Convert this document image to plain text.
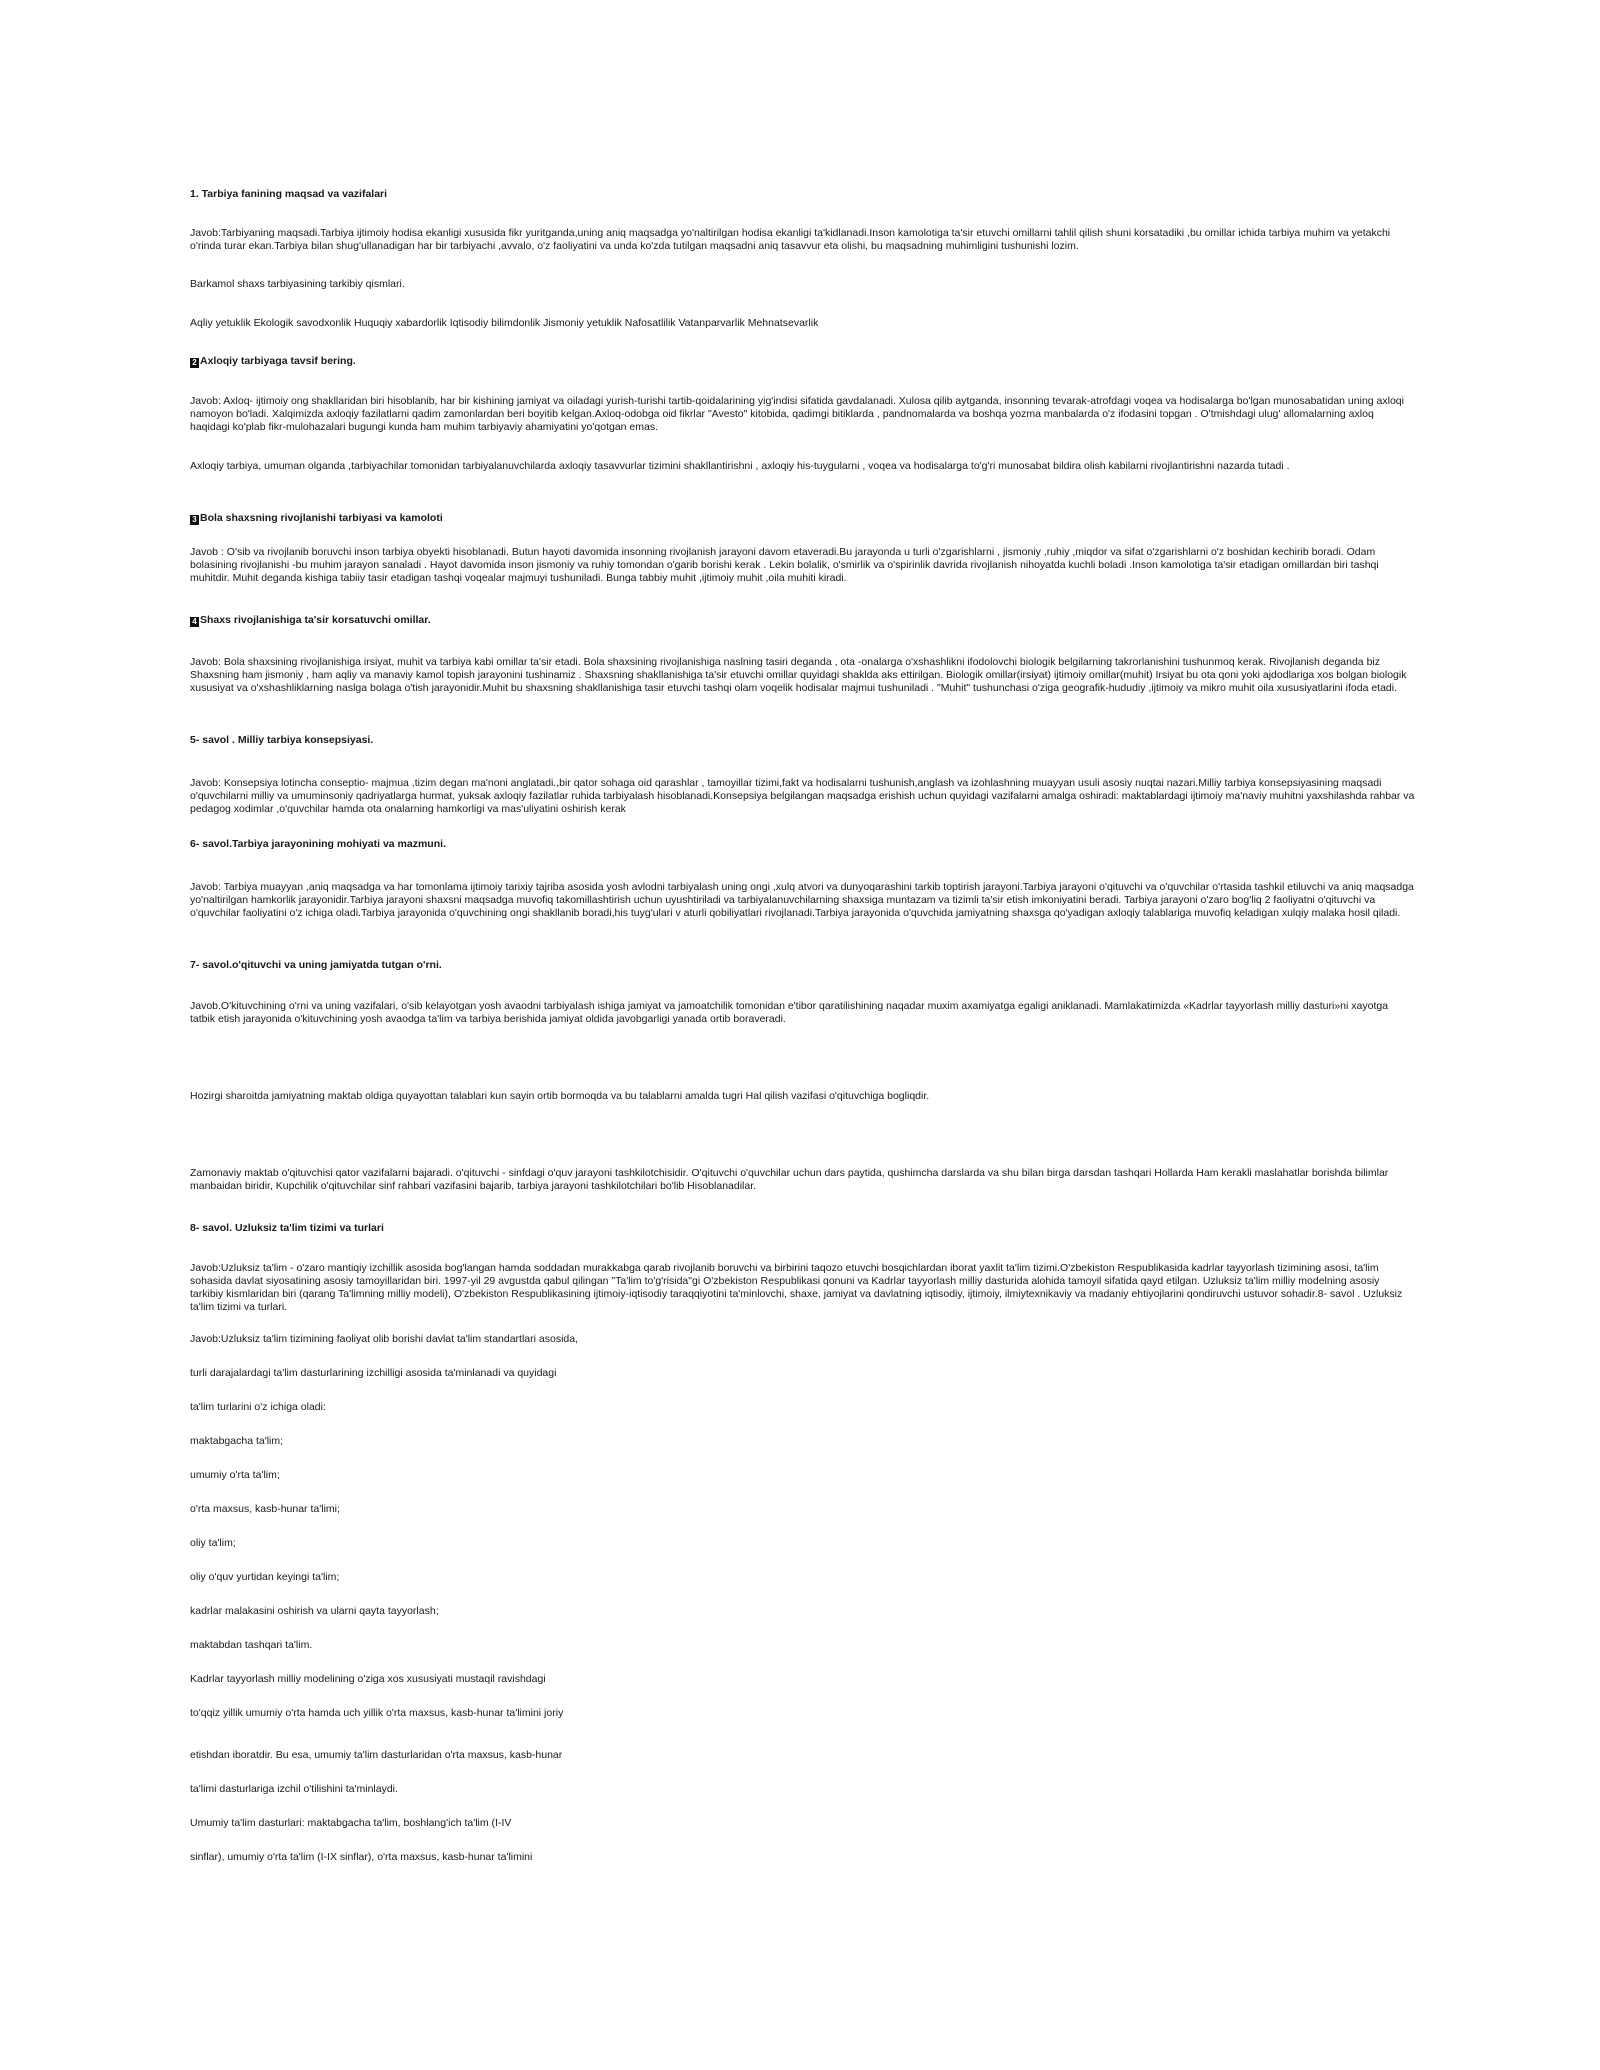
1. Tarbiya fanining maqsad va vazifalari

Javob:Tarbiyaning maqsadi.Tarbiya ijtimoiy hodisa ekanligi xususida fikr yuritganda,uning aniq maqsadga yo'naltirilgan hodisa ekanligi ta'kidlanadi.Inson kamolotiga ta'sir etuvchi omillarni tahlil qilish shuni korsatadiki ,bu omillar ichida tarbiya muhim va yetakchi o'rinda turar ekan.Tarbiya bilan shug'ullanadigan har bir tarbiyachi ,avvalo, o'z faoliyatini va unda ko'zda tutilgan maqsadni aniq tasavvur eta olishi, bu maqsadning muhimligini tushunishi lozim.

Barkamol shaxs tarbiyasining tarkibiy qismlari.

Aqliy yetuklik Ekologik savodxonlik Huquqiy xabardorlik Iqtisodiy bilimdonlik Jismoniy yetuklik Nafosatlilik Vatanparvarlik Mehnatsevarlik

2 Axloqiy tarbiyaga tavsif bering.

Javob: Axloq- ijtimoiy ong shakllaridan biri hisoblanib, har bir kishining jamiyat va oiladagi yurish-turishi tartib-qoidalarining yig'indisi sifatida gavdalanadi. Xulosa qilib aytganda, insonning tevarak-atrofdagi voqea va hodisalarga bo'lgan munosabatidan uning axloqi namoyon bo'ladi. Xalqimizda axloqiy fazilatlarni qadim zamonlardan beri boyitib kelgan.Axloq-odobga oid fikrlar "Avesto" kitobida, qadimgi bitiklarda , pandnomalarda va boshqa yozma manbalarda o'z ifodasini topgan . O'tmishdagi ulug' allomalarning axloq haqidagi ko'plab fikr-mulohazalari bugungi kunda ham muhim tarbiyaviy ahamiyatini yo'qotgan emas.

Axloqiy tarbiya, umuman olganda ,tarbiyachilar tomonidan tarbiyalanuvchilarda axloqiy tasavvurlar tizimini shakllantirishni , axloqiy his-tuygularni , voqea va hodisalarga to'g'ri munosabat bildira olish kabilarni rivojlantirishni nazarda tutadi .

3 Bola shaxsning rivojlanishi tarbiyasi va kamoloti

Javob : O'sib va rivojlanib boruvchi inson tarbiya obyekti hisoblanadi. Butun hayoti davomida insonning rivojlanish jarayoni davom etaveradi.Bu jarayonda u turli o'zgarishlarni , jismoniy ,ruhiy ,miqdor va sifat o'zgarishlarni o'z boshidan kechirib boradi. Odam bolasining rivojlanishi -bu muhim jarayon sanaladi . Hayot davomida inson jismoniy va ruhiy tomondan o'garib borishi kerak . Lekin bolalik, o'smirlik va o'spirinlik davrida rivojlanish nihoyatda kuchli boladi .Inson kamolotiga ta'sir etadigan omillardan biri tashqi muhitdir. Muhit deganda kishiga tabiiy tasir etadigan tashqi voqealar majmuyi tushuniladi. Bunga tabbiy muhit ,ijtimoiy muhit ,oila muhiti kiradi.

4 Shaxs rivojlanishiga ta'sir korsatuvchi omillar.

Javob: Bola shaxsining rivojlanishiga irsiyat, muhit va tarbiya kabi omillar ta'sir etadi. Bola shaxsining rivojlanishiga naslning tasiri deganda , ota -onalarga o'xshashlikni ifodolovchi biologik belgilarning takrorlanishini tushunmoq kerak. Rivojlanish deganda biz Shaxsning ham jismoniy , ham aqliy va manaviy kamol topish jarayonini tushinamiz . Shaxsning shakllanishiga ta'sir etuvchi omillar quyidagi shaklda aks ettirilgan. Biologik omillar(irsiyat) ijtimoiy omillar(muhit) Irsiyat bu ota qoni yoki ajdodlariga xos bolgan biologik xususiyat va o'xshashliklarning naslga bolaga o'tish jarayonidir.Muhit bu shaxsning shakllanishiga tasir etuvchi tashqi olam voqelik hodisalar majmui tushuniladi . "Muhit" tushunchasi o'ziga geografik-hududiy ,ijtimoiy va mikro muhit oila xususiyatlarini ifoda etadi.

5- savol . Milliy tarbiya konsepsiyasi.

Javob: Konsepsiya lotincha conseptio- majmua ,tizim degan ma'noni anglatadi.,bir qator sohaga oid qarashlar , tamoyillar tizimi,fakt va hodisalarni tushunish,anglash va izohlashning muayyan usuli asosiy nuqtai nazari.Milliy tarbiya konsepsiyasining maqsadi o'quvchilarni milliy va umuminsoniy qadriyatlarga hurmat, yuksak axloqiy fazilatlar ruhida tarbiyalash hisoblanadi.Konsepsiya belgilangan maqsadga erishish uchun quyidagi vazifalarni amalga oshiradi: maktablardagi ijtimoiy ma'naviy muhitni yaxshilashda rahbar va pedagog xodimlar ,o'quvchilar hamda ota onalarning hamkorligi va mas'uliyatini oshirish kerak

6- savol.Tarbiya jarayonining mohiyati va mazmuni.

Javob: Tarbiya muayyan ,aniq maqsadga va har tomonlama ijtimoiy tarixiy tajriba asosida yosh avlodni tarbiyalash uning ongi ,xulq atvori va dunyoqarashini tarkib toptirish jarayoni.Tarbiya jarayoni o'qituvchi va o'quvchilar o'rtasida tashkil etiluvchi va aniq maqsadga yo'naltirilgan hamkorlik jarayonidir.Tarbiya jarayoni shaxsni maqsadga muvofiq takomillashtirish uchun uyushtiriladi va tarbiyalanuvchilarning shaxsiga muntazam va tizimli ta'sir etish imkoniyatini beradi. Tarbiya jarayoni o'zaro bog'liq 2 faoliyatni o'qituvchi va o'quvchilar faoliyatini o'z ichiga oladi.Tarbiya jarayonida o'quvchining ongi shakllanib boradi,his tuyg'ulari v aturli qobiliyatlari rivojlanadi.Tarbiya jarayonida o'quvchida jamiyatning shaxsga qo'yadigan axloqiy talablariga muvofiq keladigan xulqiy malaka hosil qiladi.

7- savol.o'qituvchi va uning jamiyatda tutgan o'rni.

Javob.O'kituvchining o'rni va uning vazifalari, o'sib kelayotgan yosh avaodni tarbiyalash ishiga jamiyat va jamoatchilik tomonidan e'tibor qaratilishining naqadar muxim axamiyatga egaligi aniklanadi. Mamlakatimizda «Kadrlar tayyorlash milliy dasturi»ni xayotga tatbik etish jarayonida o'kituvchining yosh avaodga ta'lim va tarbiya berishida jamiyat oldida javobgarligi yanada ortib boraveradi.

Hozirgi sharoitda jamiyatning maktab oldiga quyayottan talablari kun sayin ortib bormoqda va bu talablarni amalda tugri Hal qilish vazifasi o'qituvchiga bogliqdir.

Zamonaviy maktab o'qituvchisi qator vazifalarni bajaradi. o'qituvchi - sinfdagi o'quv jarayoni tashkilotchisidir. O'qituvchi o'quvchilar uchun dars paytida, qushimcha darslarda va shu bilan birga darsdan tashqari Hollarda Ham kerakli maslahatlar borishda bilimlar manbaidan biridir, Kupchilik o'qituvchilar sinf rahbari vazifasini bajarib, tarbiya jarayoni tashkilotchilari bo'lib Hisoblanadilar.

8- savol. Uzluksiz ta'lim tizimi va turlari

Javob:Uzluksiz ta'lim - o'zaro mantiqiy izchillik asosida bog'langan hamda soddadan murakkabga qarab rivojlanib boruvchi va birbirini taqozo etuvchi bosqichlardan iborat yaxlit ta'lim tizimi.O'zbekiston Respublikasida kadrlar tayyorlash tizimining asosi, ta'lim sohasida davlat siyosatining asosiy tamoyillaridan biri. 1997-yil 29 avgustda qabul qilingan "Ta'lim to'g'risida"gi O'zbekiston Respublikasi qonuni va Kadrlar tayyorlash milliy dasturida alohida tamoyil sifatida qayd etilgan. Uzluksiz ta'lim milliy modelning asosiy tarkibiy kismlaridan biri (qarang Ta'limning milliy modeli), O'zbekiston Respublikasining ijtimoiy-iqtisodiy taraqqiyotini ta'minlovchi, shaxe, jamiyat va davlatning iqtisodiy, ijtimoiy, ilmiytexnikaviy va madaniy ehtiyojlarini qondiruvchi ustuvor sohadir.8- savol . Uzluksiz ta'lim tizimi va turlari.

Javob:Uzluksiz ta'lim tizimining faoliyat olib borishi davlat ta'lim standartlari asosida,

turli darajalardagi ta'lim dasturlarining izchilligi asosida ta'minlanadi va quyidagi

ta'lim turlarini o'z ichiga oladi:

maktabgacha ta'lim;

umumiy o'rta ta'lim;

o'rta maxsus, kasb-hunar ta'limi;

oliy ta'lim;

oliy o'quv yurtidan keyingi ta'lim;

kadrlar malakasini oshirish va ularni qayta tayyorlash;

maktabdan tashqari ta'lim.

Kadrlar tayyorlash milliy modelining o'ziga xos xususiyati mustaqil ravishdagi

to'qqiz yillik umumiy o'rta hamda uch yillik o'rta maxsus, kasb-hunar ta'limini joriy

etishdan iboratdir. Bu esa, umumiy ta'lim dasturlaridan o'rta maxsus, kasb-hunar

ta'limi dasturlariga izchil o'tilishini ta'minlaydi.

Umumiy ta'lim dasturlari: maktabgacha ta'lim, boshlang'ich ta'lim (I-IV

sinflar), umumiy o'rta ta'lim (I-IX sinflar), o'rta maxsus, kasb-hunar ta'limini
